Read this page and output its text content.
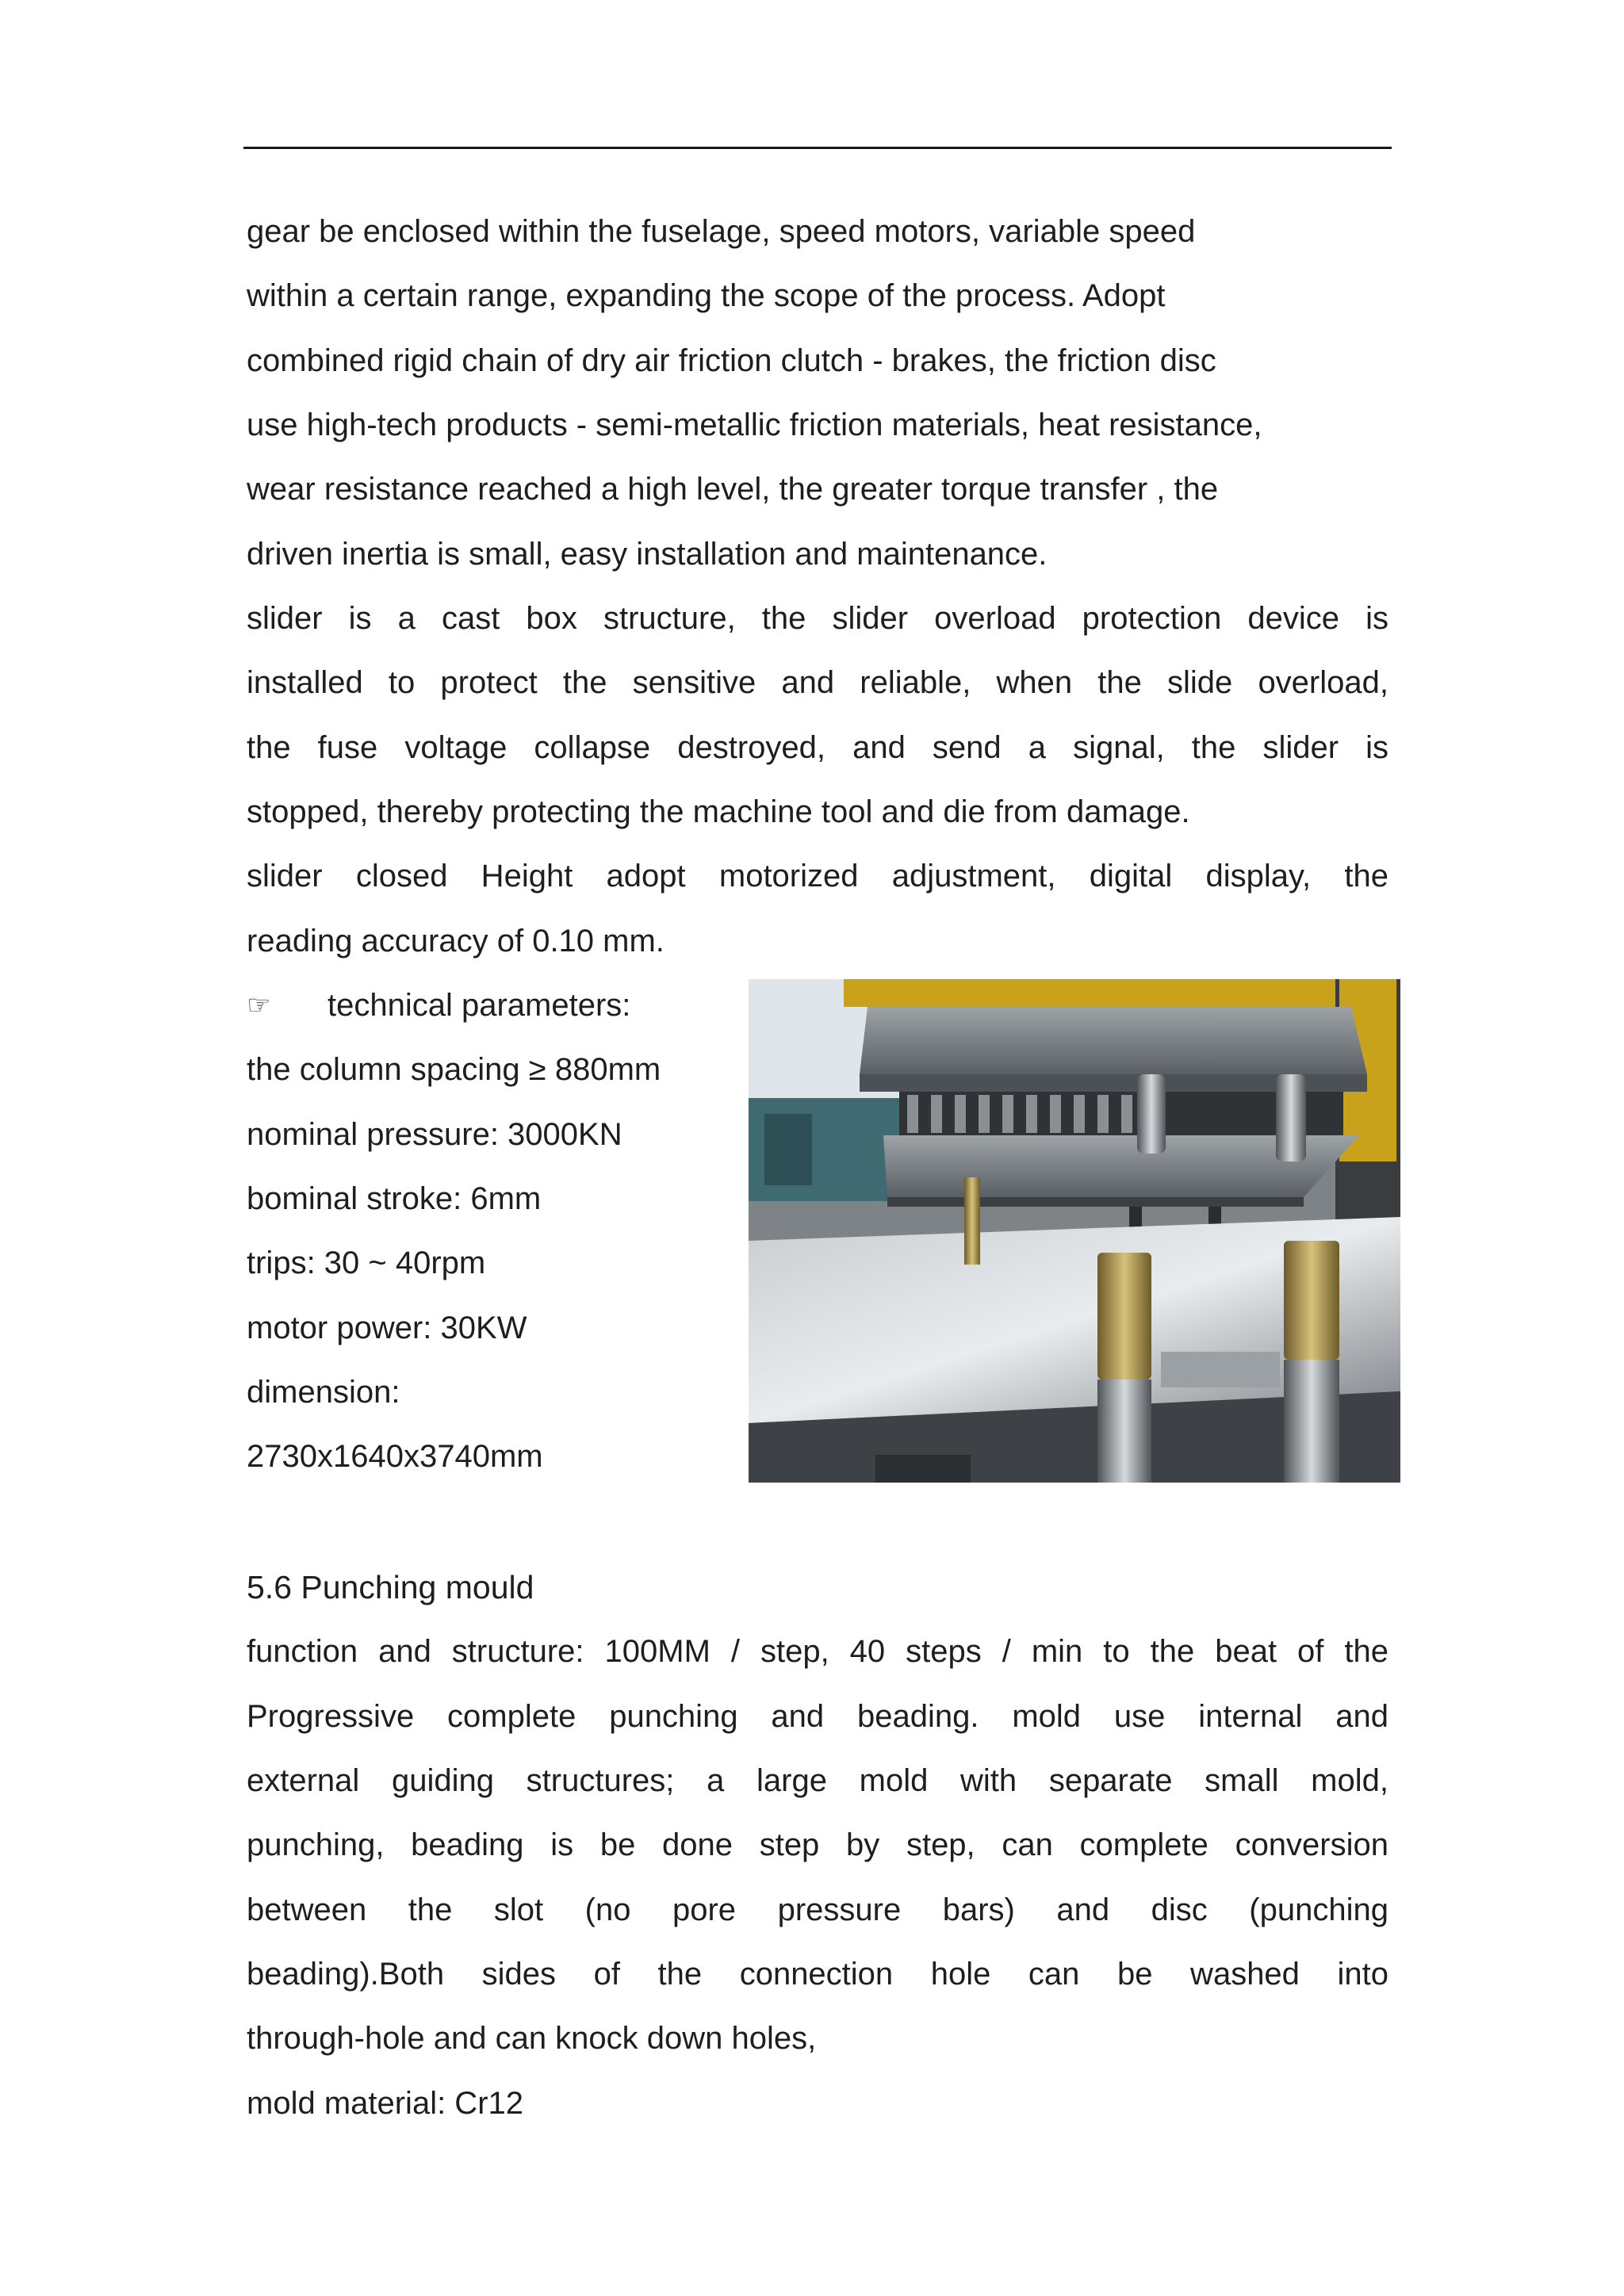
gear be enclosed within the fuselage, speed motors, variable speed
within a certain range, expanding the scope of the process. Adopt
combined rigid chain of dry air friction clutch - brakes, the friction disc
use high-tech products - semi-metallic friction materials, heat resistance,
wear resistance reached a high level, the greater torque transfer , the
driven inertia is small, easy installation and maintenance.
slider is a cast box structure, the slider overload protection device is
installed to protect the sensitive and reliable, when the slide overload,
the fuse voltage collapse destroyed, and send a signal, the slider is
stopped, thereby protecting the machine tool and die from damage.
slider closed Height adopt motorized adjustment, digital display, the
reading accuracy of 0.10 mm.
☞ technical parameters:
the column spacing ≥ 880mm
nominal pressure: 3000KN
bominal stroke: 6mm
trips: 30 ~ 40rpm
motor power: 30KW
dimension:
2730x1640x3740mm
5.6 Punching mould
function and structure: 100MM / step, 40 steps / min to the beat of the
Progressive complete punching and beading. mold use internal and
external guiding structures; a large mold with separate small mold,
punching, beading is be done step by step, can complete conversion
between the slot (no pore pressure bars) and disc (punching
beading).Both sides of the connection hole can be washed into
through-hole and can knock down holes,
mold material: Cr12
